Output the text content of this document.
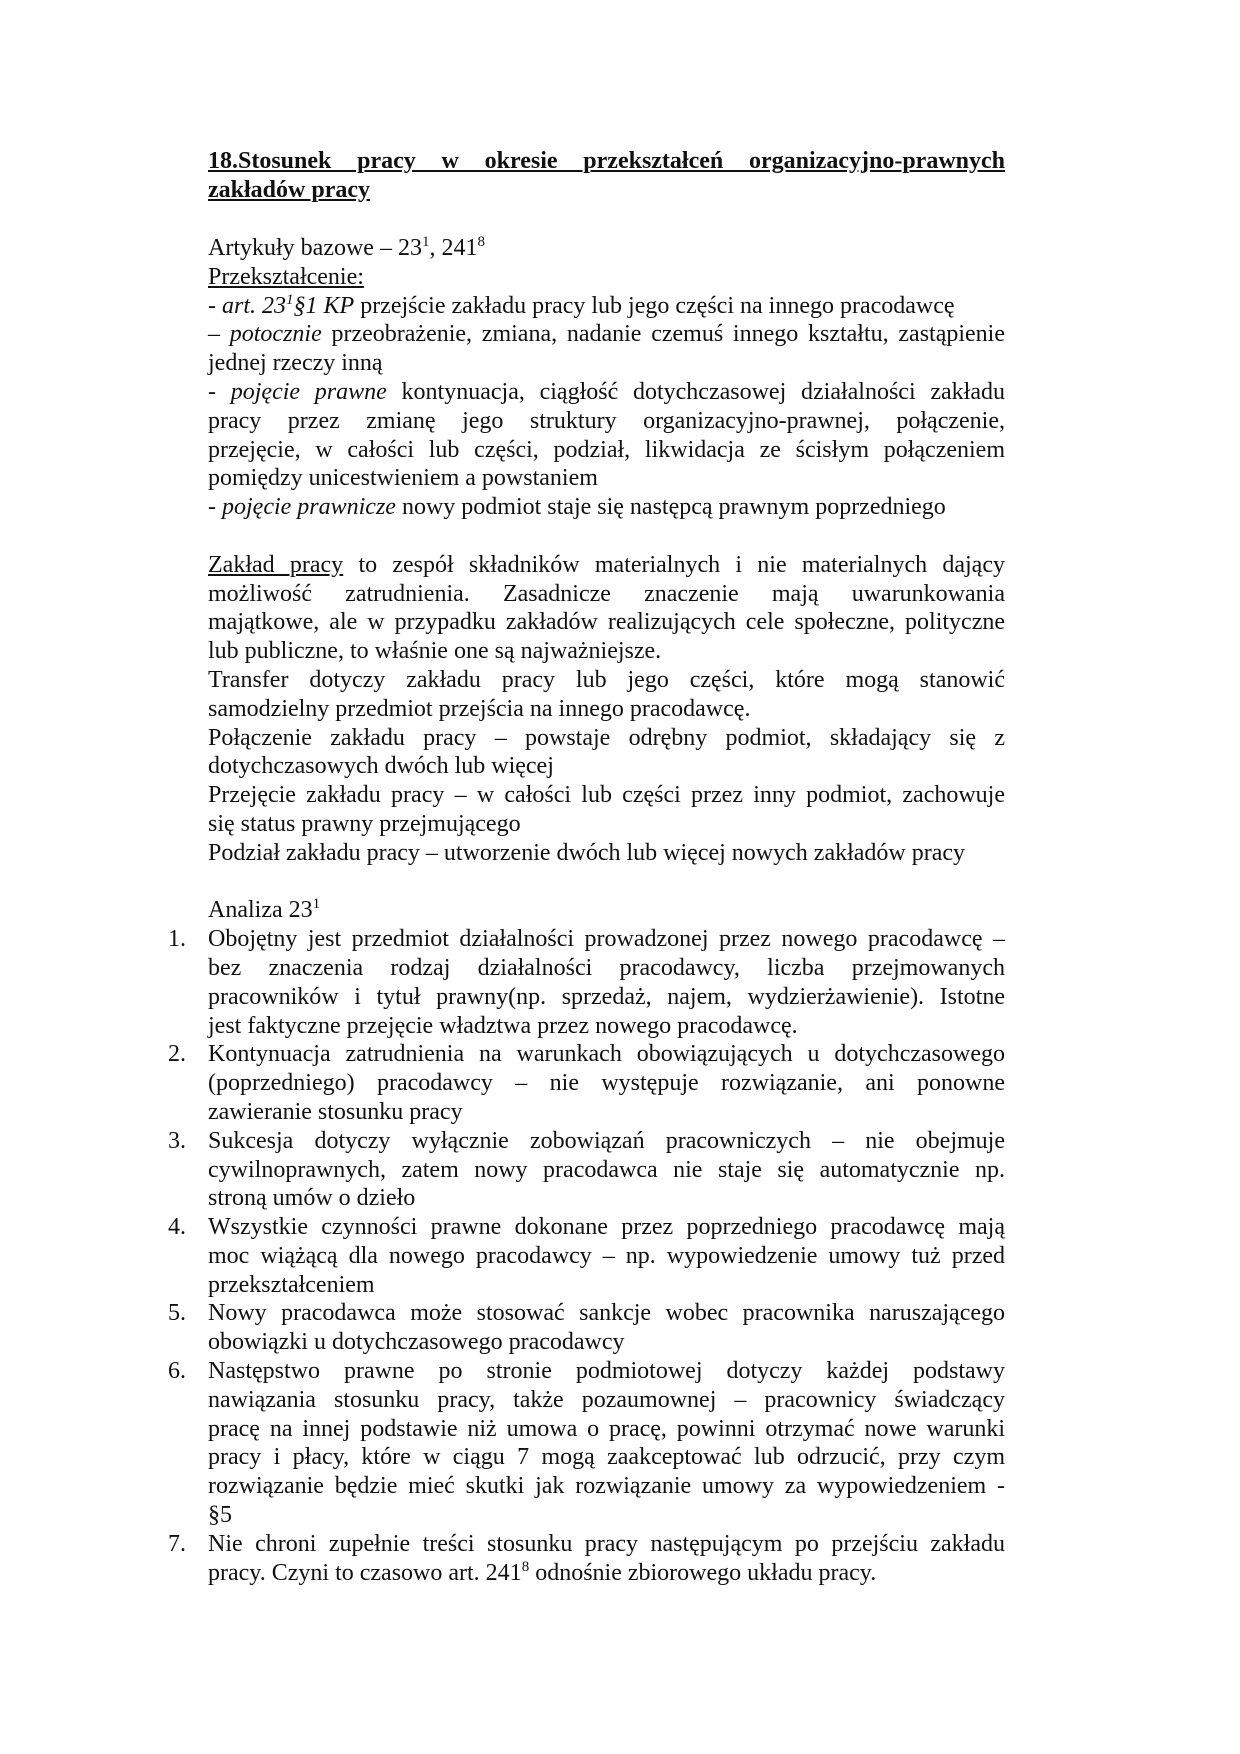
18.Stosunek pracy w okresie przekształceń organizacyjno-prawnych
zakładów pracy
Artykuły bazowe – $23^1$, $241^8$
Przekształcenie:
- art. $23^1\S 1$ KP przejście zakładu pracy lub jego części na innego pracodawcę
– potocznie przeobrażenie, zmiana, nadanie czemuś innego kształtu, zastąpienie
jednej rzeczy inną
- pojęcie prawne kontynuacja, ciągłość dotychczasowej działalności zakładu
pracy przez zmianę jego struktury organizacyjno-prawnej, połączenie,
przejęcie, w całości lub części, podział, likwidacja ze ścisłym połączeniem
pomiędzy unicestwieniem a powstaniem
- pojęcie prawnicze nowy podmiot staje się następcą prawnym poprzedniego
Zakład pracy to zespół składników materialnych i nie materialnych dający
możliwość zatrudnienia. Zasadnicze znaczenie mają uwarunkowania
majątkowe, ale w przypadku zakładów realizujących cele społeczne, polityczne
lub publiczne, to właśnie one są najważniejsze.
Transfer dotyczy zakładu pracy lub jego części, które mogą stanowić
samodzielny przedmiot przejścia na innego pracodawcę.
Połączenie zakładu pracy – powstaje odrębny podmiot, składający się z
dotychczasowych dwóch lub więcej
Przejęcie zakładu pracy – w całości lub części przez inny podmiot, zachowuje
się status prawny przejmującego
Podział zakładu pracy – utworzenie dwóch lub więcej nowych zakładów pracy
Analiza $23^1$
1. Obojętny jest przedmiot działalności prowadzonej przez nowego pracodawcę –
bez znaczenia rodzaj działalności pracodawcy, liczba przejmowanych
pracowników i tytuł prawny(np. sprzedaż, najem, wydzierżawienie). Istotne
jest faktyczne przejęcie władztwa przez nowego pracodawcę.
2. Kontynuacja zatrudnienia na warunkach obowiązujących u dotychczasowego
(poprzedniego) pracodawcy – nie występuje rozwiązanie, ani ponowne
zawieranie stosunku pracy
3. Sukcesja dotyczy wyłącznie zobowiązań pracowniczych – nie obejmuje
cywilnoprawnych, zatem nowy pracodawca nie staje się automatycznie np.
stroną umów o dzieło
4. Wszystkie czynności prawne dokonane przez poprzedniego pracodawcę mają
moc wiążącą dla nowego pracodawcy – np. wypowiedzenie umowy tuż przed
przekształceniem
5. Nowy pracodawca może stosować sankcje wobec pracownika naruszającego
obowiązki u dotychczasowego pracodawcy
6. Następstwo prawne po stronie podmiotowej dotyczy każdej podstawy
nawiązania stosunku pracy, także pozaumownej – pracownicy świadczący
pracę na innej podstawie niż umowa o pracę, powinni otrzymać nowe warunki
pracy i płacy, które w ciągu 7 mogą zaakceptować lub odrzucić, przy czym
rozwiązanie będzie mieć skutki jak rozwiązanie umowy za wypowiedzeniem -
§5
7. Nie chroni zupełnie treści stosunku pracy następującym po przejściu zakładu
pracy. Czyni to czasowo art. $241^8$ odnośnie zbiorowego układu pracy.
